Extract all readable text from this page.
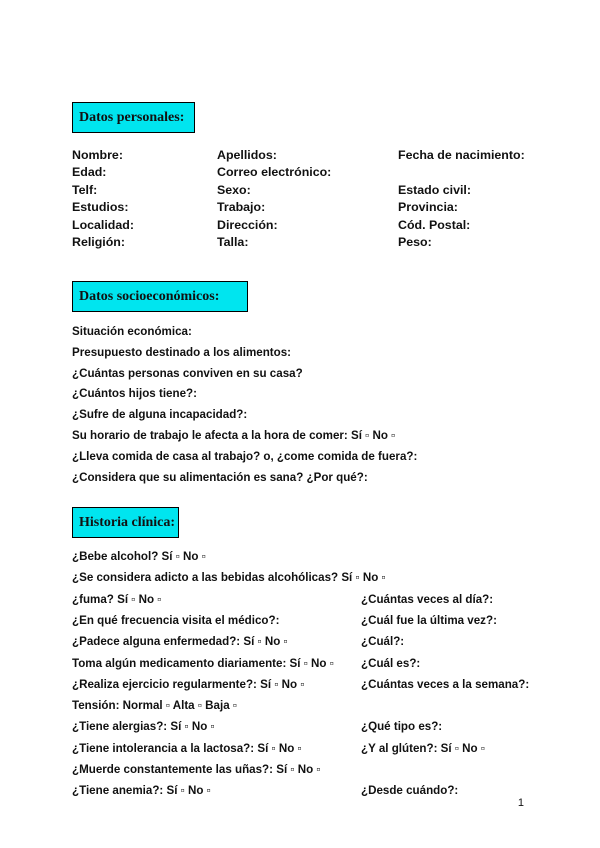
Datos personales:
Nombre:
Edad:
Telf:
Estudios:
Localidad:
Religión:
Apellidos:
Correo electrónico:
Sexo:
Trabajo:
Dirección:
Talla:
Fecha de nacimiento:
Estado civil:
Provincia:
Cód. Postal:
Peso:
Datos socioeconómicos:
Situación económica:
Presupuesto destinado a los alimentos:
¿Cuántas personas conviven en su casa?
¿Cuántos hijos tiene?:
¿Sufre de alguna incapacidad?:
Su horario de trabajo le afecta a la hora de comer: Sí ▫ No ▫
¿Lleva comida de casa al trabajo? o, ¿come comida de fuera?:
¿Considera que su alimentación es sana? ¿Por qué?:
Historia clínica:
¿Bebe alcohol? Sí ▫ No ▫
¿Se considera adicto a las bebidas alcohólicas? Sí ▫ No ▫
¿fuma? Sí ▫ No ▫
¿En qué frecuencia visita el médico?:
¿Padece alguna enfermedad?: Sí ▫ No ▫
Toma algún medicamento diariamente: Sí ▫ No ▫
¿Realiza ejercicio regularmente?: Sí ▫ No ▫
Tensión: Normal ▫ Alta ▫ Baja ▫
¿Tiene alergias?: Sí ▫ No ▫
¿Tiene intolerancia a la lactosa?: Sí ▫ No ▫
¿Muerde constantemente las uñas?: Sí ▫ No ▫
¿Tiene anemia?: Sí ▫ No ▫
¿Cuántas veces al día?:
¿Cuál fue la última vez?:
¿Cuál?:
¿Cuál es?:
¿Cuántas veces a la semana?:
¿Qué tipo es?:
¿Y al glúten?: Sí ▫ No ▫
¿Desde cuándo?:
1
